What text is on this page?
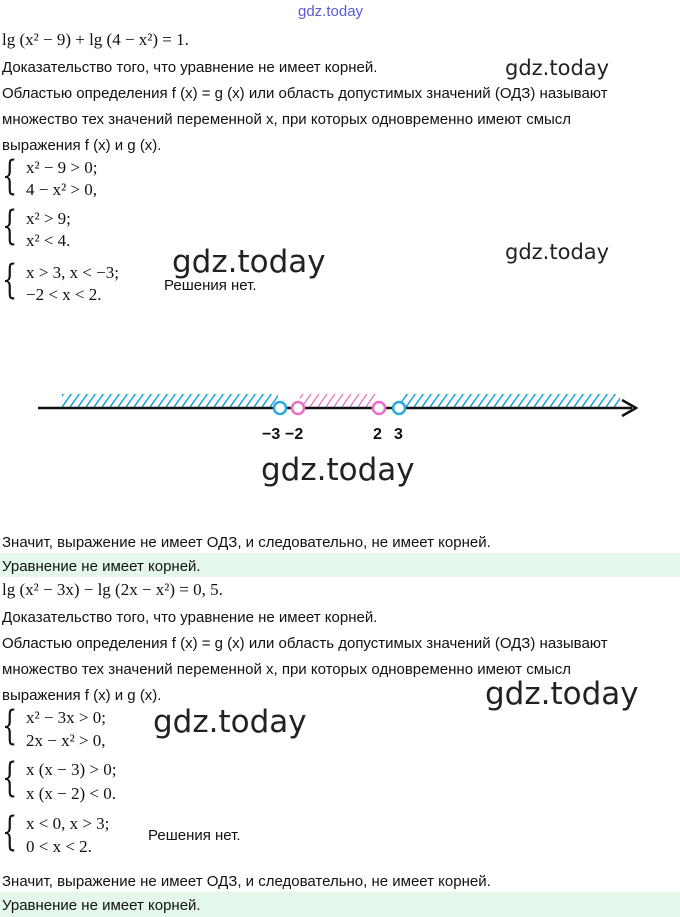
gdz.today
lg (x² − 9) + lg (4 − x²) = 1.
Доказательство того, что уравнение не имеет корней.	gdz.today
Областью определения f (x) = g (x) или область допустимых значений (ОДЗ) называют
множество тех значений переменной x, при которых одновременно имеют смысл
выражения f (x) и g (x).
{ x² − 9 > 0;
4 − x² > 0,
{ x² > 9;
x² < 4.	gdz.today
{ x > 3, x < −3;
−2 < x < 2.
gdz.today
Решения нет.
−3 −2	2 3
gdz.today
Значит, выражение не имеет ОДЗ, и следовательно, не имеет корней.
Уравнение не имеет корней.
lg (x² − 3x) − lg (2x − x²) = 0, 5.
Доказательство того, что уравнение не имеет корней.
Областью определения f (x) = g (x) или область допустимых значений (ОДЗ) называют
множество тех значений переменной x, при которых одновременно имеют смысл
выражения f (x) и g (x).	gdz.today
{ x² − 3x > 0;
2x − x² > 0,
gdz.today
{ x (x − 3) > 0;
x (x − 2) < 0.
{ x < 0, x > 3;
0 < x < 2.
Решения нет.
Значит, выражение не имеет ОДЗ, и следовательно, не имеет корней.
Уравнение не имеет корней.
